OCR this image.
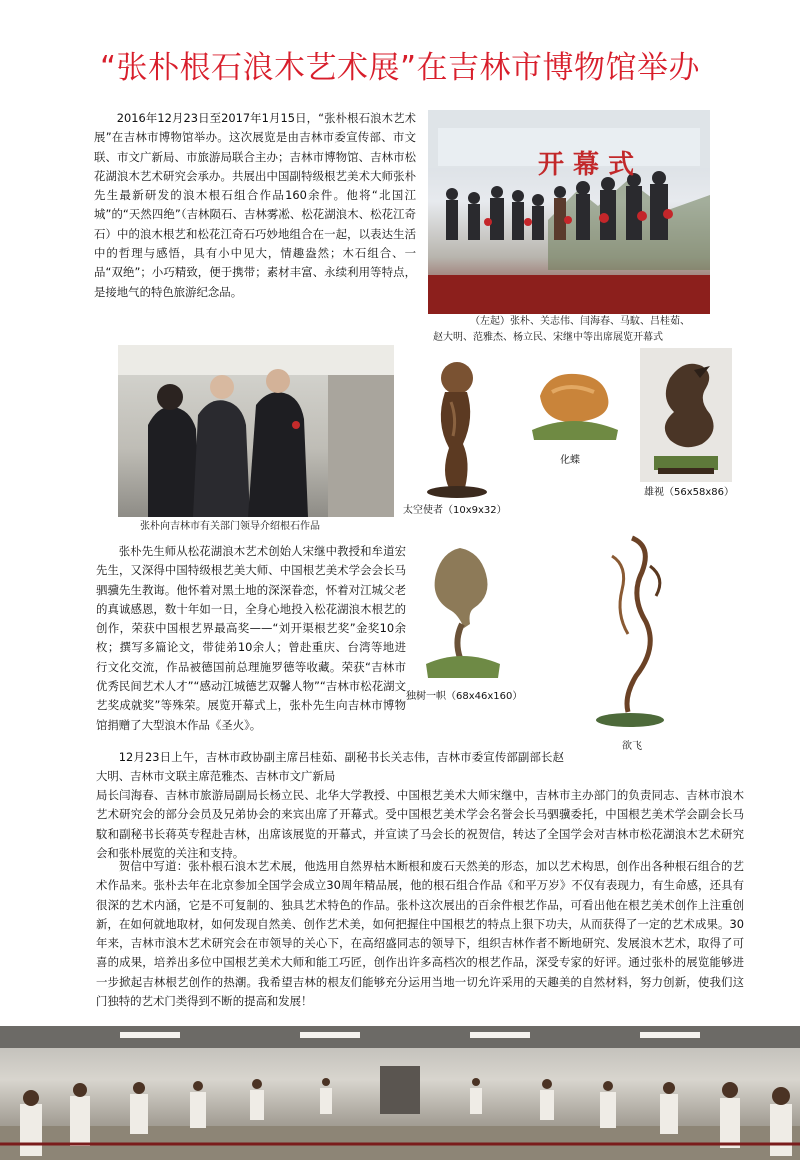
“张朴根石浪木艺术展”在吉林市博物馆举办

2016年12月23日至2017年1月15日，“张朴根石浪木艺术展”在吉林市博物馆举办。这次展览是由吉林市委宣传部、市文联、市文广新局、市旅游局联合主办；吉林市博物馆、吉林市松花湖浪木艺术研究会承办。共展出中国副特级根艺美术大师张朴先生最新研发的浪木根石组合作品160余件。他将“北国江城”的“天然四绝”（吉林陨石、吉林雾凇、松花湖浪木、松花江奇石）中的浪木根艺和松花江奇石巧妙地组合在一起，以表达生活中的哲理与感悟，具有小中见大，情趣盎然；木石组合、一品“双绝”；小巧精致，便于携带；素材丰富、永续利用等特点，是接地气的特色旅游纪念品。

开 幕 式
（左起）张朴、关志伟、闫海春、马馼、吕桂茹、
赵大明、范雅杰、杨立民、宋继中等出席展览开幕式
张朴向吉林市有关部门领导介绍根石作品
太空使者（10x9x32）
化蝶
雄视（56x58x86）

张朴先生师从松花湖浪木艺术创始人宋继中教授和牟道宏先生，又深得中国特级根艺美大师、中国根艺美术学会会长马驷骥先生教诲。他怀着对黑土地的深深眷恋，怀着对江城父老的真诚感恩，数十年如一日，全身心地投入松花湖浪木根艺的创作，荣获中国根艺界最高奖——“刘开渠根艺奖”金奖10余枚；撰写多篇论文，带徒弟10余人；曾赴重庆、台湾等地进行文化交流，作品被德国前总理施罗德等收藏。荣获“吉林市优秀民间艺术人才”“感动江城德艺双馨人物”“吉林市松花湖文艺奖成就奖”等殊荣。展览开幕式上，张朴先生向吉林市博物馆捐赠了大型浪木作品《圣火》。

独树一帜（68x46x160）
欲飞

12月23日上午，吉林市政协副主席吕桂茹、副秘书长关志伟，吉林市委宣传部副部长赵大明、吉林市文联主席范雅杰、吉林市文广新局

局长闫海春、吉林市旅游局副局长杨立民、北华大学教授、中国根艺美术大师宋继中，吉林市主办部门的负责同志、吉林市浪木艺术研究会的部分会员及兄弟协会的来宾出席了开幕式。受中国根艺美术学会名誉会长马驷骥委托，中国根艺美术学会副会长马馼和副秘书长蒋英专程赴吉林，出席该展览的开幕式，并宣读了马会长的祝贺信，转达了全国学会对吉林市松花湖浪木艺术研究会和张朴展览的关注和支持。

贺信中写道：张朴根石浪木艺术展，他选用自然界枯木断根和废石天然美的形态，加以艺术构思，创作出各种根石组合的艺术作品来。张朴去年在北京参加全国学会成立30周年精品展，他的根石组合作品《和平万岁》不仅有表现力，有生命感，还具有很深的艺术内涵，它是不可复制的、独具艺术特色的作品。张朴这次展出的百余件根艺作品，可看出他在根艺美术创作上注重创新，在如何就地取材，如何发现自然美、创作艺术美，如何把握住中国根艺的特点上狠下功夫，从而获得了一定的艺术成果。30年来，吉林市浪木艺术研究会在市领导的关心下，在高绍盛同志的领导下，组织吉林作者不断地研究、发展浪木艺术，取得了可喜的成果，培养出多位中国根艺美术大师和能工巧匠，创作出许多高档次的根艺作品，深受专家的好评。通过张朴的展览能够进一步掀起吉林根艺创作的热潮。我希望吉林的根友们能够充分运用当地一切允许采用的天趣美的自然材料，努力创新，使我们这门独特的艺术门类得到不断的提高和发展！
